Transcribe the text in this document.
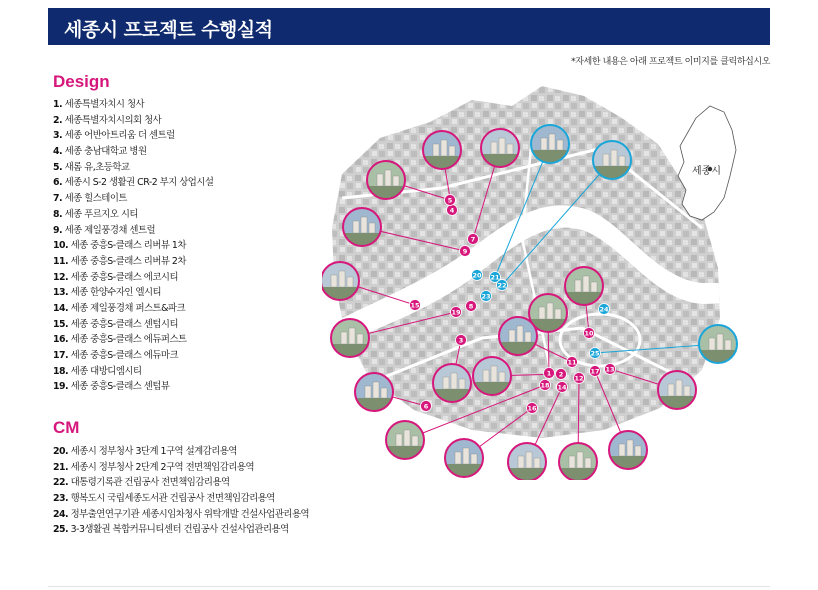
세종시 프로젝트 수행실적
*자세한 내용은 아래 프로젝트 이미지를 클릭하십시오
Design
1. 세종특별자치시 청사
2. 세종특별자치시의회 청사
3. 세종 어반아트리움 더 센트럴
4. 세종 충남대학교 병원
5. 새롬 유,초등학교
6. 세종시 S-2 생활권 CR-2 부지 상업시설
7. 세종 힐스테이트
8. 세종 푸르지오 시티
9. 세종 제일풍경채 센트럴
10. 세종 중흥S-클래스 리버뷰 1차
11. 세종 중흥S-클래스 리버뷰 2차
12. 세종 중흥S-클래스 에코시티
13. 세종 한양수자인 엘시티
14. 세종 제일풍경채 퍼스트&파크
15. 세종 중흥S-클래스 센텀시티
16. 세종 중흥S-클래스 에듀퍼스트
17. 세종 중흥S-클래스 에듀마크
18. 세종 대방디엠시티
19. 세종 중흥S-클래스 센텀뷰
CM
20. 세종시 정부청사 3단계 1구역 설계감리용역
21. 세종시 정부청사 2단계 2구역 전면책임감리용역
22. 대통령기록관 건립공사 전면책임감리용역
23. 행복도시 국립세종도서관 건립공사 전면책임감리용역
24. 정부출연연구기관 세종시임차청사 위탁개발 건설사업관리용역
25. 3-3생활권 복합커뮤니티센터 건립공사 건설사업관리용역
세종시
1 2
3
4
5
6
7
8
9
10
11
12
13
14
15
16
17
18
19
20 21
22
23
24
25
